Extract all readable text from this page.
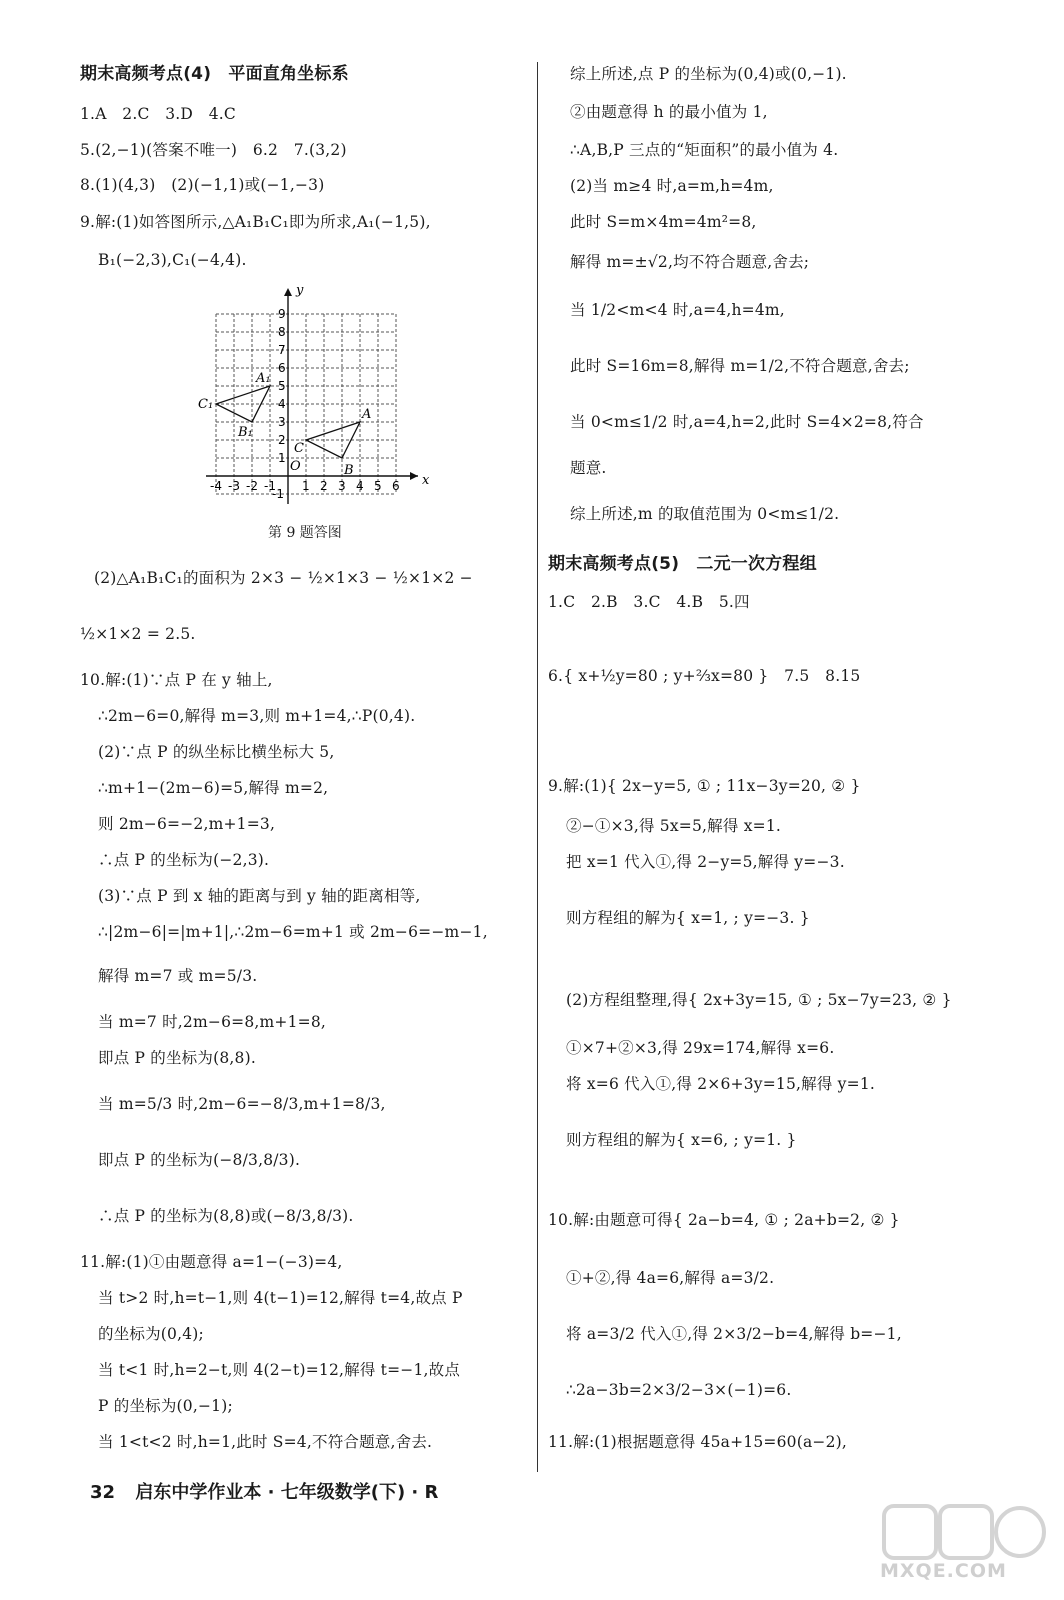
期末高频考点(4)　平面直角坐标系
1.A　2.C　3.D　4.C
5.(2,−1)(答案不唯一)　6.2　7.(3,2)
8.(1)(4,3)　(2)(−1,1)或(−1,−3)
9.解:(1)如答图所示,△A₁B₁C₁即为所求,A₁(−1,5),
B₁(−2,3),C₁(−4,4).
x
y
O
-4 -3 -2 -1 1 2 3 4 5 6
-1
1
2
3
4
5
6
7
8
9
A
B
C
A₁
B₁
C₁
第 9 题答图
(2)△A₁B₁C₁的面积为 2×3 − ½×1×3 − ½×1×2 −
½×1×2 = 2.5.
10.解:(1)∵点 P 在 y 轴上,
∴2m−6=0,解得 m=3,则 m+1=4,∴P(0,4).
(2)∵点 P 的纵坐标比横坐标大 5,
∴m+1−(2m−6)=5,解得 m=2,
则 2m−6=−2,m+1=3,
∴点 P 的坐标为(−2,3).
(3)∵点 P 到 x 轴的距离与到 y 轴的距离相等,
∴|2m−6|=|m+1|,∴2m−6=m+1 或 2m−6=−m−1,
解得 m=7 或 m=5/3.
当 m=7 时,2m−6=8,m+1=8,
即点 P 的坐标为(8,8).
当 m=5/3 时,2m−6=−8/3,m+1=8/3,
即点 P 的坐标为(−8/3,8/3).
∴点 P 的坐标为(8,8)或(−8/3,8/3).
11.解:(1)①由题意得 a=1−(−3)=4,
当 t>2 时,h=t−1,则 4(t−1)=12,解得 t=4,故点 P
的坐标为(0,4);
当 t<1 时,h=2−t,则 4(2−t)=12,解得 t=−1,故点
P 的坐标为(0,−1);
当 1<t<2 时,h=1,此时 S=4,不符合题意,舍去.
综上所述,点 P 的坐标为(0,4)或(0,−1).
②由题意得 h 的最小值为 1,
∴A,B,P 三点的“矩面积”的最小值为 4.
(2)当 m≥4 时,a=m,h=4m,
此时 S=m×4m=4m²=8,
解得 m=±√2,均不符合题意,舍去;
当 1/2<m<4 时,a=4,h=4m,
此时 S=16m=8,解得 m=1/2,不符合题意,舍去;
当 0<m≤1/2 时,a=4,h=2,此时 S=4×2=8,符合
题意.
综上所述,m 的取值范围为 0<m≤1/2.
期末高频考点(5)　二元一次方程组
1.C　2.B　3.C　4.B　5.四
6.{ x+½y=80 ; y+⅔x=80 }　7.5　8.15
9.解:(1){ 2x−y=5, ① ; 11x−3y=20, ② }
②−①×3,得 5x=5,解得 x=1.
把 x=1 代入①,得 2−y=5,解得 y=−3.
则方程组的解为{ x=1, ; y=−3. }
(2)方程组整理,得{ 2x+3y=15, ① ; 5x−7y=23, ② }
①×7+②×3,得 29x=174,解得 x=6.
将 x=6 代入①,得 2×6+3y=15,解得 y=1.
则方程组的解为{ x=6, ; y=1. }
10.解:由题意可得{ 2a−b=4, ① ; 2a+b=2, ② }
①+②,得 4a=6,解得 a=3/2.
将 a=3/2 代入①,得 2×3/2−b=4,解得 b=−1,
∴2a−3b=2×3/2−3×(−1)=6.
11.解:(1)根据题意得 45a+15=60(a−2),
32 启东中学作业本 · 七年级数学(下) · R
MXQE.COM
